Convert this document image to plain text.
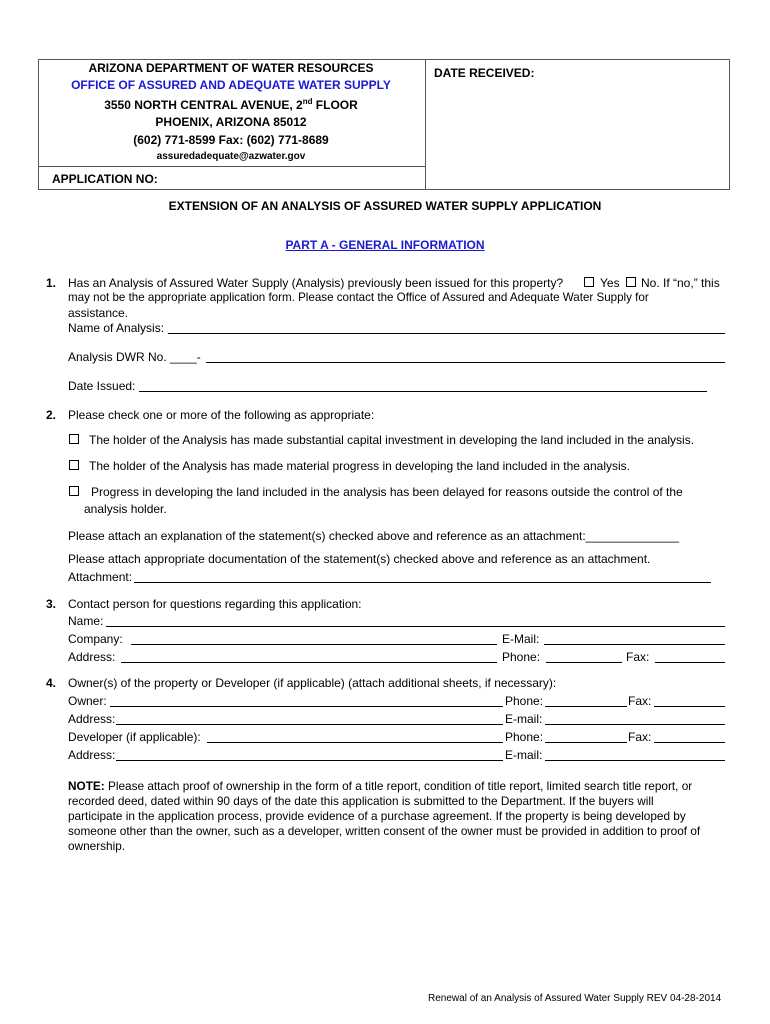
ARIZONA DEPARTMENT OF WATER RESOURCES
OFFICE OF ASSURED AND ADEQUATE WATER SUPPLY
3550 NORTH CENTRAL AVENUE, 2nd FLOOR
PHOENIX, ARIZONA 85012
(602) 771-8599 Fax: (602) 771-8689
assuredadequate@azwater.gov
DATE RECEIVED:
APPLICATION NO:
EXTENSION OF AN ANALYSIS OF ASSURED WATER SUPPLY APPLICATION
PART A - GENERAL INFORMATION
1. Has an Analysis of Assured Water Supply (Analysis) previously been issued for this property?	Yes No. If “no,” this
may not be the appropriate application form. Please contact the Office of Assured and Adequate Water Supply for
assistance.
Name of Analysis:
Analysis DWR No. ____-
Date Issued:
2. Please check one or more of the following as appropriate:
The holder of the Analysis has made substantial capital investment in developing the land included in the analysis.
The holder of the Analysis has made material progress in developing the land included in the analysis.
Progress in developing the land included in the analysis has been delayed for reasons outside the control of the
analysis holder.
Please attach an explanation of the statement(s) checked above and reference as an attachment:______________
Please attach appropriate documentation of the statement(s) checked above and reference as an attachment.
Attachment:
3. Contact person for questions regarding this application:
Name:
Company:	E-Mail:
Address:	Phone:	Fax:
4. Owner(s) of the property or Developer (if applicable) (attach additional sheets, if necessary):
Owner:	Phone:	Fax:
Address:	E-mail:
Developer (if applicable):	Phone:	Fax:
Address:	E-mail:
NOTE: Please attach proof of ownership in the form of a title report, condition of title report, limited search title report, or
recorded deed, dated within 90 days of the date this application is submitted to the Department. If the buyers will
participate in the application process, provide evidence of a purchase agreement. If the property is being developed by
someone other than the owner, such as a developer, written consent of the owner must be provided in addition to proof of
ownership.
Renewal of an Analysis of Assured Water Supply REV 04-28-2014
